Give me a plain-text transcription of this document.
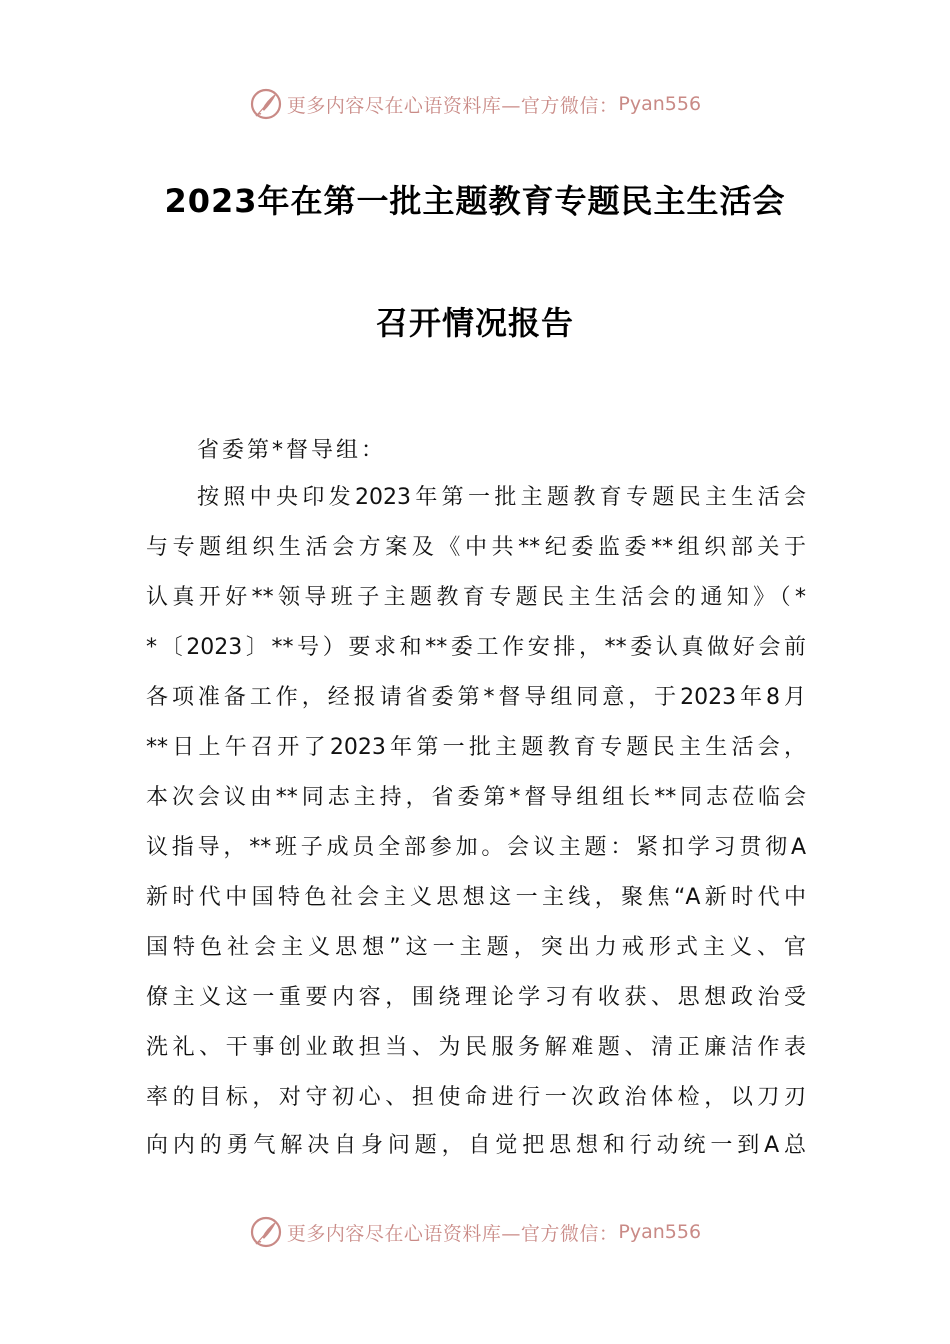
更多内容尽在心语资料库—官方微信： Pyan556
2023年在第一批主题教育专题民主生活会
召开情况报告
省委第*督导组：
按照中央印发2023年第一批主题教育专题民主生活会
与专题组织生活会方案及《中共**纪委监委**组织部关于
认真开好**领导班子主题教育专题民主生活会的通知》（*
*〔2023〕**号）要求和**委工作安排，**委认真做好会前
各项准备工作，经报请省委第*督导组同意，于2023年8月
**日上午召开了2023年第一批主题教育专题民主生活会，
本次会议由**同志主持，省委第*督导组组长**同志莅临会
议指导，**班子成员全部参加。会议主题：紧扣学习贯彻A
新时代中国特色社会主义思想这一主线，聚焦“A新时代中
国特色社会主义思想”这一主题，突出力戒形式主义、官
僚主义这一重要内容，围绕理论学习有收获、思想政治受
洗礼、干事创业敢担当、为民服务解难题、清正廉洁作表
率的目标，对守初心、担使命进行一次政治体检，以刀刃
向内的勇气解决自身问题，自觉把思想和行动统一到A总
更多内容尽在心语资料库—官方微信： Pyan556
